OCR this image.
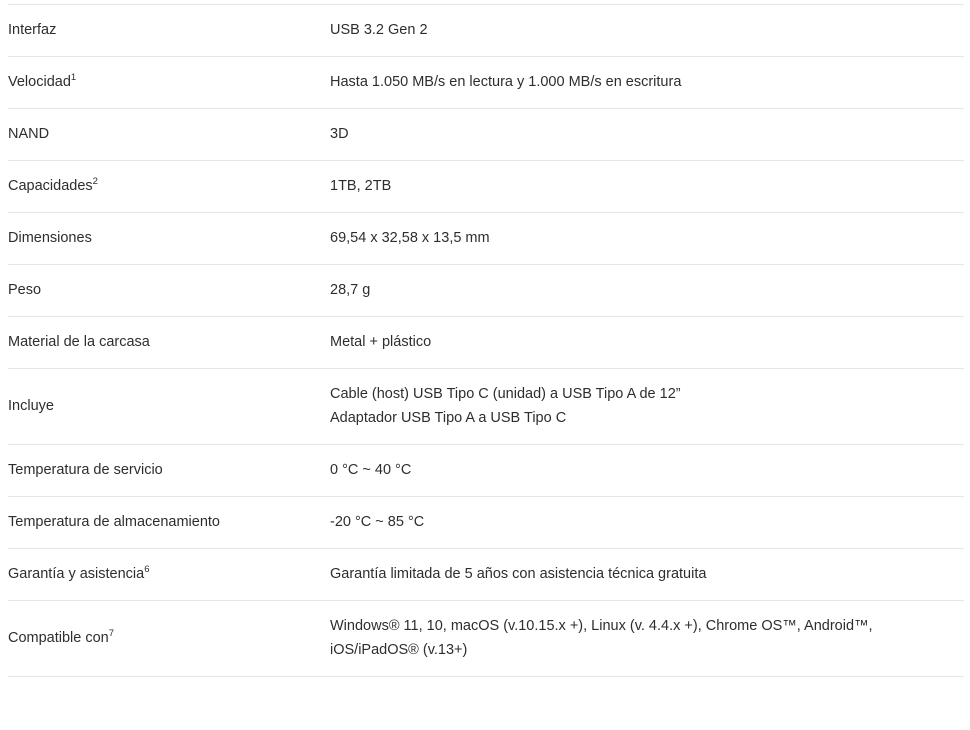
Interfaz	USB 3.2 Gen 2

Velocidad$^1$	Hasta 1.050 MB/s en lectura y 1.000 MB/s en escritura

NAND	3D

Capacidades$^2$	1TB, 2TB

Dimensiones	69,54 x 32,58 x 13,5 mm

Peso	28,7 g

Material de la carcasa	Metal + plástico

Incluye	Cable (host) USB Tipo C (unidad) a USB Tipo A de 12”
Adaptador USB Tipo A a USB Tipo C

Temperatura de servicio	0 °C ~ 40 °C

Temperatura de almacenamiento	-20 °C ~ 85 °C

Garantía y asistencia$^6$	Garantía limitada de 5 años con asistencia técnica gratuita

Compatible con$^7$	Windows® 11, 10, macOS (v.10.15.x +), Linux (v. 4.4.x +), Chrome OS™, Android™,
iOS/iPadOS® (v.13+)
